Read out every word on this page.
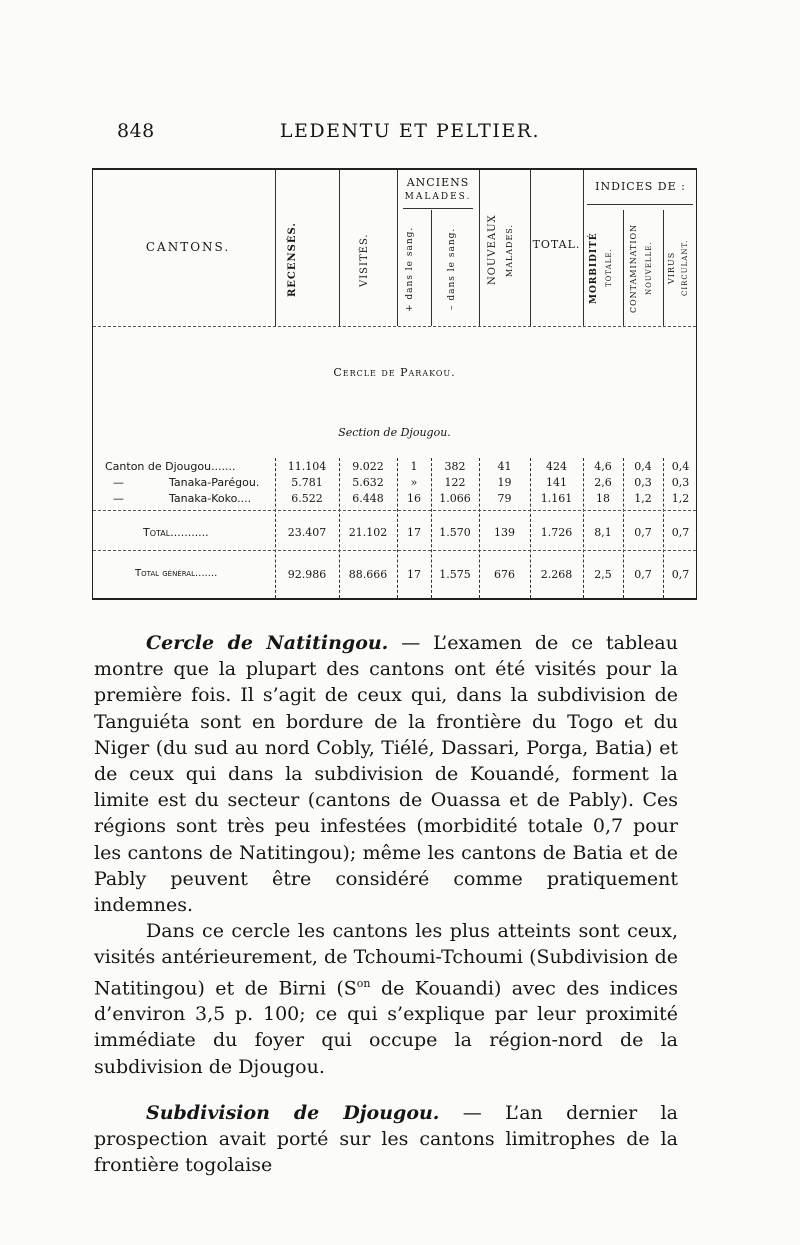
848	LEDENTU ET PELTIER.
CANTONS.	RECENSÉS.	VISITÉS.
ANCIENS
MALADES.
+ dans le sang.	– dans le sang.	NOUVEAUX MALADES.	TOTAL.
INDICES DE :
MORBIDITÉ TOTALE.	CONTAMINATION	NOUVELLE.	VIRUS CIRCULANT.
Cercle de Parakou.
Section de Djougou.
Canton de Djougou.......	11.104	9.022	1	382	41	424	4,6	0,4	0,4
—	Tanaka-Parégou.	5.781	5.632	»	122	19	141	2,6	0,3	0,3
—	Tanaka-Koko....	6.522	6.448	16	1.066	79	1.161	18	1,2	1,2
Total...........	23.407	21.102	17	1.570	139	1.726	8,1	0,7	0,7
Total général.......	92.986	88.666	17	1.575	676	2.268	2,5	0,7	0,7

Cercle de Natitingou. — L’examen de ce tableau montre que la plupart des cantons ont été visités pour la première fois. Il s’agit de ceux qui, dans la subdivision de Tanguiéta sont en bordure de la frontière du Togo et du Niger (du sud au nord Cobly, Tiélé, Dassari, Porga, Batia) et de ceux qui dans la subdivision de Kouandé, forment la limite est du secteur (cantons de Ouassa et de Pably). Ces régions sont très peu infestées (morbidité totale 0,7 pour les cantons de Natitingou); même les cantons de Batia et de Pably peuvent être considéré comme pratiquement indemnes.

Dans ce cercle les cantons les plus atteints sont ceux, visités antérieurement, de Tchoumi-Tchoumi (Subdivision de Natitingou) et de Birni ($S^{on}$ de Kouandi) avec des indices d’environ 3,5 p. 100; ce qui s’explique par leur proximité immédiate du foyer qui occupe la région-nord de la subdivision de Djougou.

Subdivision de Djougou. — L’an dernier la prospection avait porté sur les cantons limitrophes de la frontière togolaise
